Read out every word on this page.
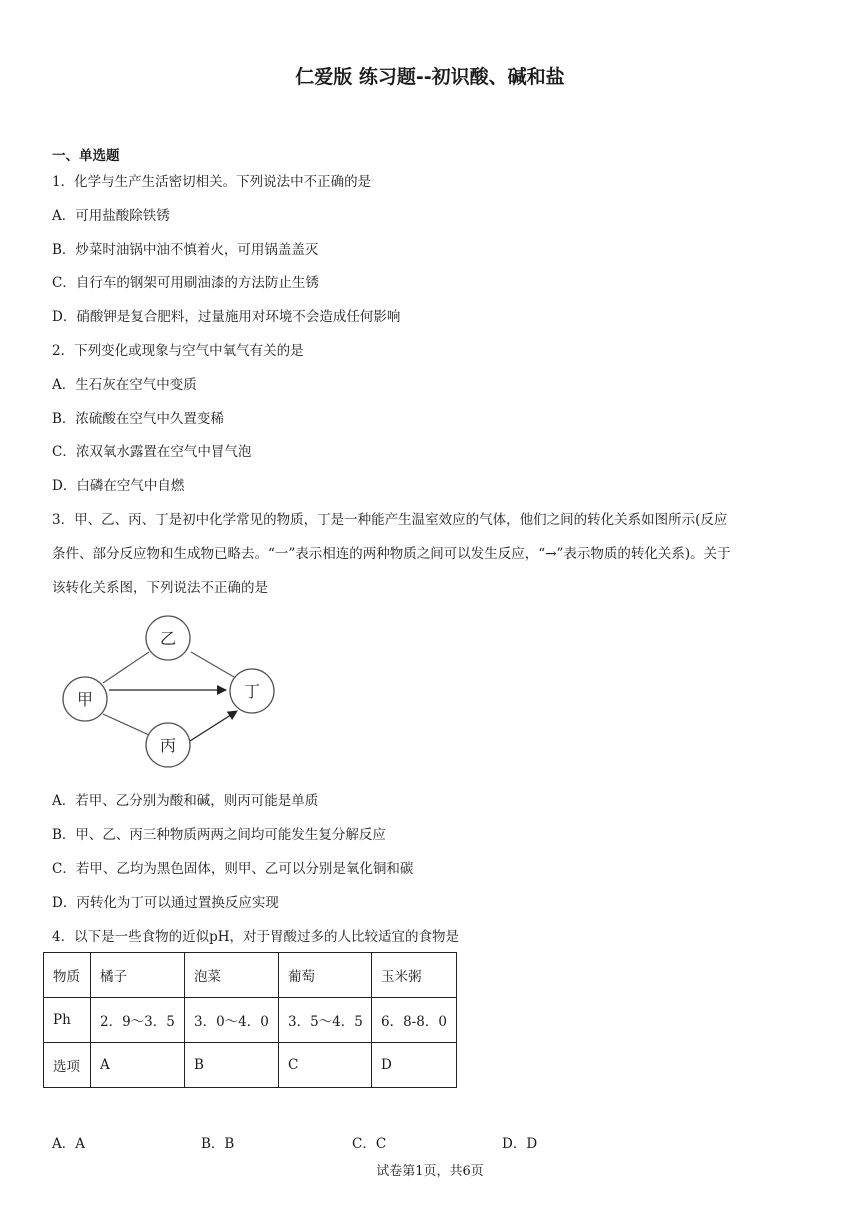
仁爱版 练习题--初识酸、碱和盐
一、单选题
1．化学与生产生活密切相关。下列说法中不正确的是
A．可用盐酸除铁锈
B．炒菜时油锅中油不慎着火，可用锅盖盖灭
C．自行车的钢架可用刷油漆的方法防止生锈
D．硝酸钾是复合肥料，过量施用对环境不会造成任何影响
2．下列变化或现象与空气中氧气有关的是
A．生石灰在空气中变质
B．浓硫酸在空气中久置变稀
C．浓双氧水露置在空气中冒气泡
D．白磷在空气中自燃
3．甲、乙、丙、丁是初中化学常见的物质，丁是一种能产生温室效应的气体，他们之间的转化关系如图所示(反应
条件、部分反应物和生成物已略去。“一”表示相连的两种物质之间可以发生反应，“→”表示物质的转化关系)。关于
该转化关系图，下列说法不正确的是
甲
乙
丁
丙
A．若甲、乙分别为酸和碱，则丙可能是单质
B．甲、乙、丙三种物质两两之间均可能发生复分解反应
C．若甲、乙均为黑色固体，则甲、乙可以分别是氧化铜和碳
D．丙转化为丁可以通过置换反应实现
4．以下是一些食物的近似pH，对于胃酸过多的人比较适宜的食物是
物质	橘子	泡菜	葡萄	玉米粥
Ph	2．9～3．5	3．0～4．0	3．5～4．5	6．8-8．0
选项	A	B	C	D
A．A	B．B	C．C	D．D
试卷第1页，共6页
